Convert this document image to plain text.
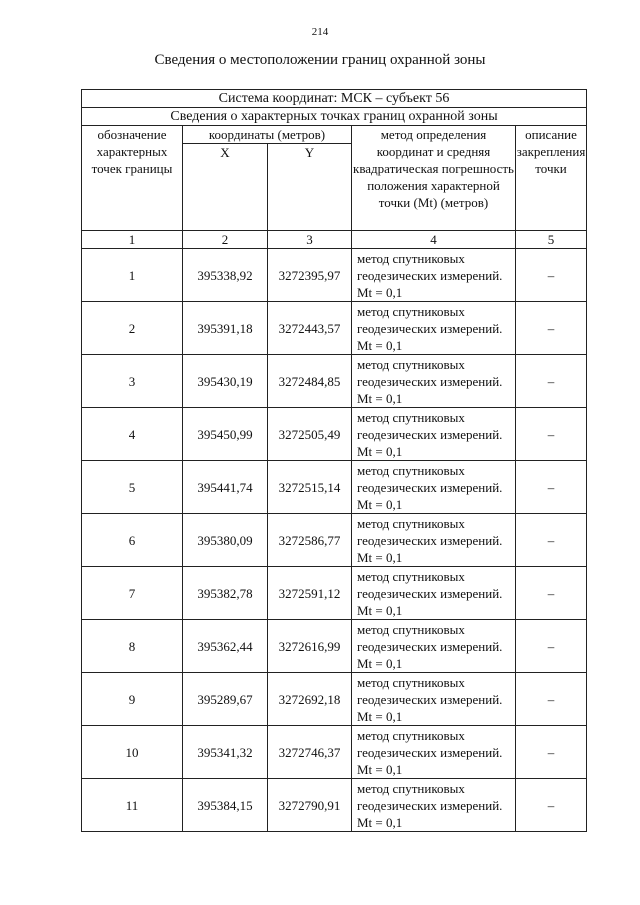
214
Сведения о местоположении границ охранной зоны
Система координат: МСК – субъект 56				
Сведения о характерных точках границ охранной зоны				
обозначение характерных точек границы	координаты (метров)		метод определения координат и средняя квадратическая погрешность положения характерной точки (Mt) (метров)	описание закрепления точки
	X	Y		
1	2	3	4	5
1	395338,92	3272395,97	метод спутниковых геодезических измерений. Mt = 0,1	–
2	395391,18	3272443,57	метод спутниковых геодезических измерений. Mt = 0,1	–
3	395430,19	3272484,85	метод спутниковых геодезических измерений. Mt = 0,1	–
4	395450,99	3272505,49	метод спутниковых геодезических измерений. Mt = 0,1	–
5	395441,74	3272515,14	метод спутниковых геодезических измерений. Mt = 0,1	–
6	395380,09	3272586,77	метод спутниковых геодезических измерений. Mt = 0,1	–
7	395382,78	3272591,12	метод спутниковых геодезических измерений. Mt = 0,1	–
8	395362,44	3272616,99	метод спутниковых геодезических измерений. Mt = 0,1	–
9	395289,67	3272692,18	метод спутниковых геодезических измерений. Mt = 0,1	–
10	395341,32	3272746,37	метод спутниковых геодезических измерений. Mt = 0,1	–
11	395384,15	3272790,91	метод спутниковых геодезических измерений. Mt = 0,1	–
